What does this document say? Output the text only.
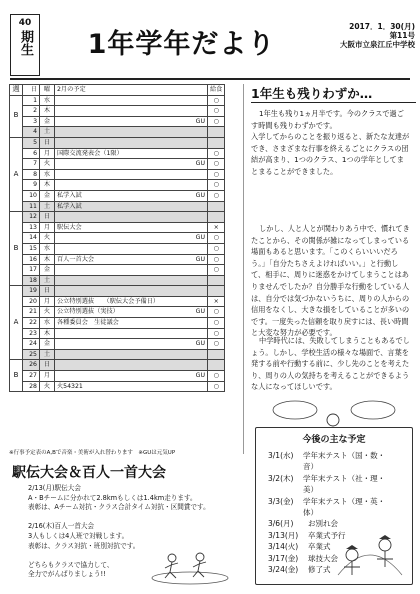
40
期生	1年学年だより
2017．1．30(月)
第11号
大阪市立泉江丘中学校
週	日	曜	2月の予定	給食
B	1	水		○
	2	木		○
	3	金	GU	○
	4	土		
A	5	日		
	6	月	国際交流発表会（1限）	○
	7	火	GU	○
	8	水		○
	9	木		○
	10	金	私学入試 GU	○
	11	土	私学入試	
B	12	日		
	13	月	駅伝大会	×
	14	火	GU	○
	15	水		○
	16	木	百人一首大会 GU	○
	17	金		○
	18	土		
A	19	日		
	20	月	公立特別選抜　　（駅伝大会予備日）	×
	21	火	公立特別選抜（実技） GU	○
	22	水	各種委員会　生徒議会	○
	23	木		○
	24	金	GU	○
	25	土		
B	26	日		
	27	月	GU	○
	28	火	火54321	○
※行事予定表のA,Bで音楽・美術が入れ替わります　※GUは元気UP
駅伝大会＆百人一首大会
2/13(月)駅伝大会
A・Bチームに分かれて2.8kmもしくは1.4km走ります。
表彰は、Aチーム対抗・クラス合計タイム対抗・区間賞です。

2/16(木)百人一首大会
3人もしくは4人班で対戦します。
表彰は、クラス対抗・班別対抗です。

どちらもクラスで協力して、
全力でがんばりましょう!!
1年生も残りわずか…
1年生も残り1ヵ月半です。今のクラスで過ごす時間も残りわずかです。
入学してからのことを振り返ると、新たな友達ができ、さまざまな行事を終えるごとにクラスの団結が高まり、1つのクラス、1つの学年としてまとまることができました。
しかし、人と人とが関わりあう中で、慣れてきたことから、その関係が雑になってしまっている場面もあると思います。「このくらいいいだろう。」「自分たちさえよければいい。」と行動して、相手に、周りに迷惑をかけてしまうことはありませんでしたか？自分勝手な行動をしている人は、自分では気づかないうちに、周りの人からの信用をなくし、大きな損をしていることが多いのです。一度失った信頼を取り戻すには、長い時間と大変な努力が必要です。
中学時代には、失敗してしまうこともあるでしょう。しかし、学校生活の様々な場面で、言葉を発する前や行動する前に、少し先のことを考えたり、周りの人の気持ちを考えることができるような人になってほしいです。
今後の主な予定
3/1(水)	学年末テスト（国・数・音）
3/2(木)	学年末テスト（社・理・美）
3/3(金)	学年末テスト（理・英・体）
3/6(月)	お別れ会
3/13(月)	卒業式予行
3/14(火)	卒業式
3/17(金)	球技大会
3/24(金)	修了式
